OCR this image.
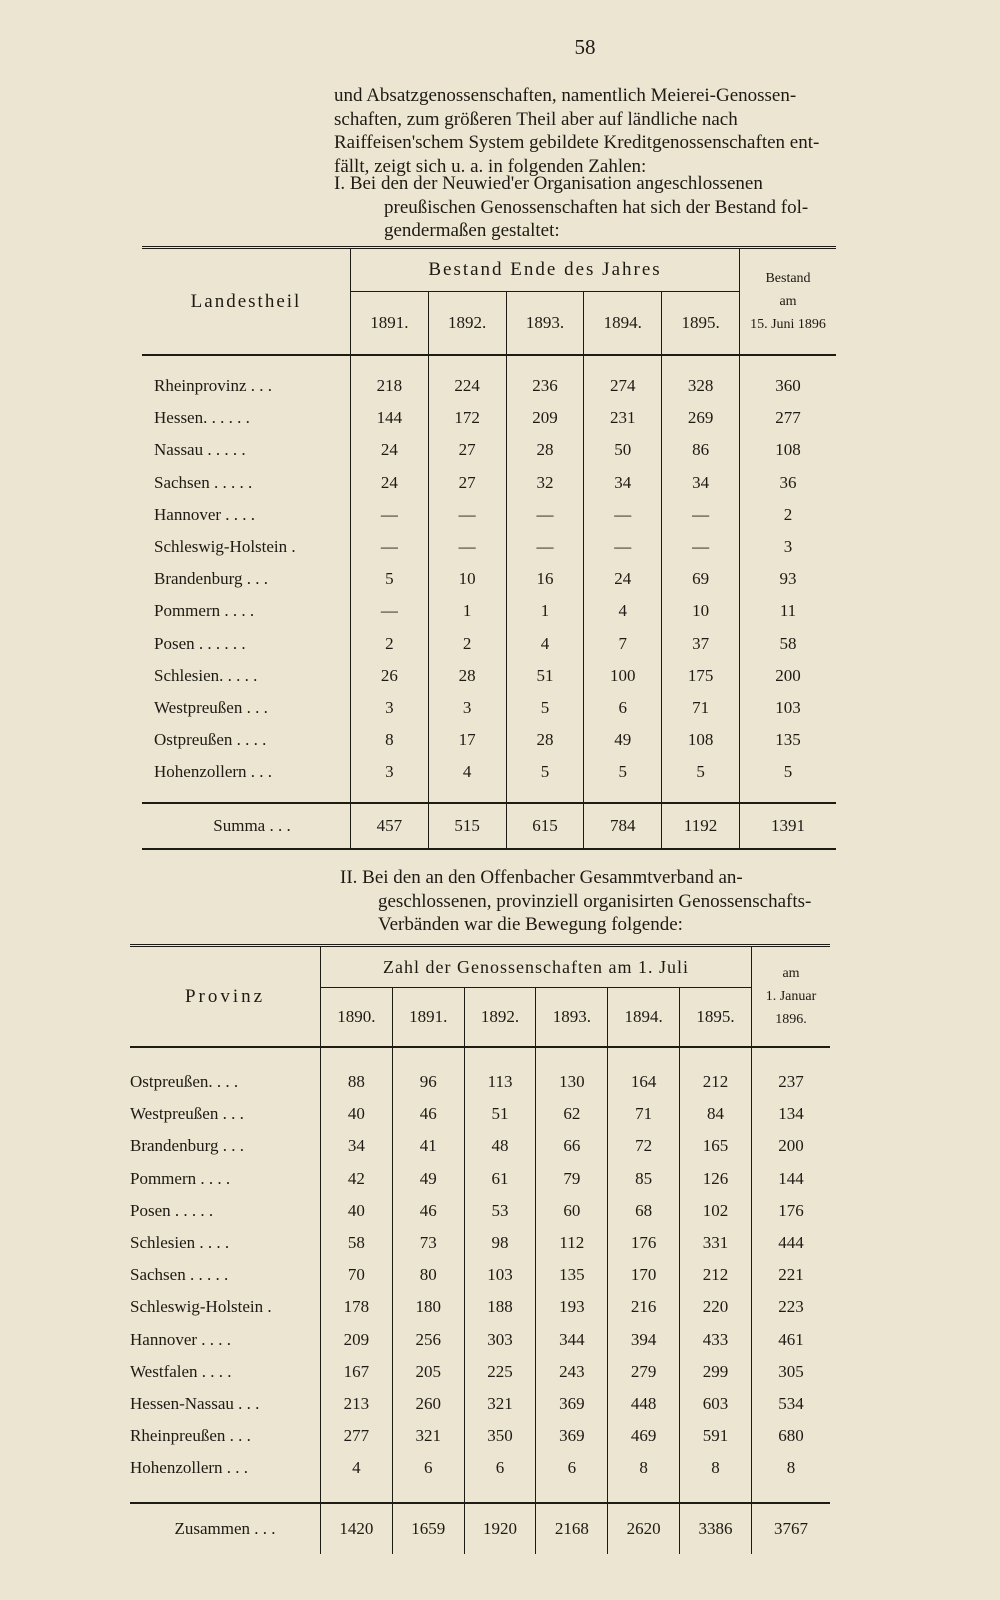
58
und Absatzgenossenschaften, namentlich Meierei-Genossen-
schaften, zum größeren Theil aber auf ländliche nach
Raiffeisen'schem System gebildete Kreditgenossenschaften ent-
fällt, zeigt sich u. a. in folgenden Zahlen:
I. Bei den der Neuwied'er Organisation angeschlossenen
preußischen Genossenschaften hat sich der Bestand fol-
gendermaßen gestaltet:
Landestheil	Bestand Ende des Jahres					Bestand
am
15. Juni 1896

	1891.	1892.	1893.	1894.	1895.	

Rheinprovinz . . .	218	224	236	274	328	360
Hessen. . . . . .	144	172	209	231	269	277
Nassau . . . . .	24	27	28	50	86	108
Sachsen . . . . .	24	27	32	34	34	36
Hannover . . . .	—	—	—	—	—	2
Schleswig-Holstein .	—	—	—	—	—	3
Brandenburg . . .	5	10	16	24	69	93
Pommern . . . .	—	1	1	4	10	11
Posen . . . . . .	2	2	4	7	37	58
Schlesien. . . . .	26	28	51	100	175	200
Westpreußen . . .	3	3	5	6	71	103
Ostpreußen . . . .	8	17	28	49	108	135
Hohenzollern . . .	3	4	5	5	5	5

Summa . . .	457	515	615	784	1192	1391
II. Bei den an den Offenbacher Gesammtverband an-
geschlossenen, provinziell organisirten Genossenschafts-
Verbänden war die Bewegung folgende:
Provinz	Zahl der Genossenschaften am 1. Juli						am
1. Januar
1896.

	1890.	1891.	1892.	1893.	1894.	1895.	

Ostpreußen. . . .	88	96	113	130	164	212	237
Westpreußen . . .	40	46	51	62	71	84	134
Brandenburg . . .	34	41	48	66	72	165	200
Pommern . . . .	42	49	61	79	85	126	144
Posen . . . . .	40	46	53	60	68	102	176
Schlesien . . . .	58	73	98	112	176	331	444
Sachsen . . . . .	70	80	103	135	170	212	221
Schleswig-Holstein .	178	180	188	193	216	220	223
Hannover . . . .	209	256	303	344	394	433	461
Westfalen . . . .	167	205	225	243	279	299	305
Hessen-Nassau . . .	213	260	321	369	448	603	534
Rheinpreußen . . .	277	321	350	369	469	591	680
Hohenzollern . . .	4	6	6	6	8	8	8

Zusammen . . .	1420	1659	1920	2168	2620	3386	3767
